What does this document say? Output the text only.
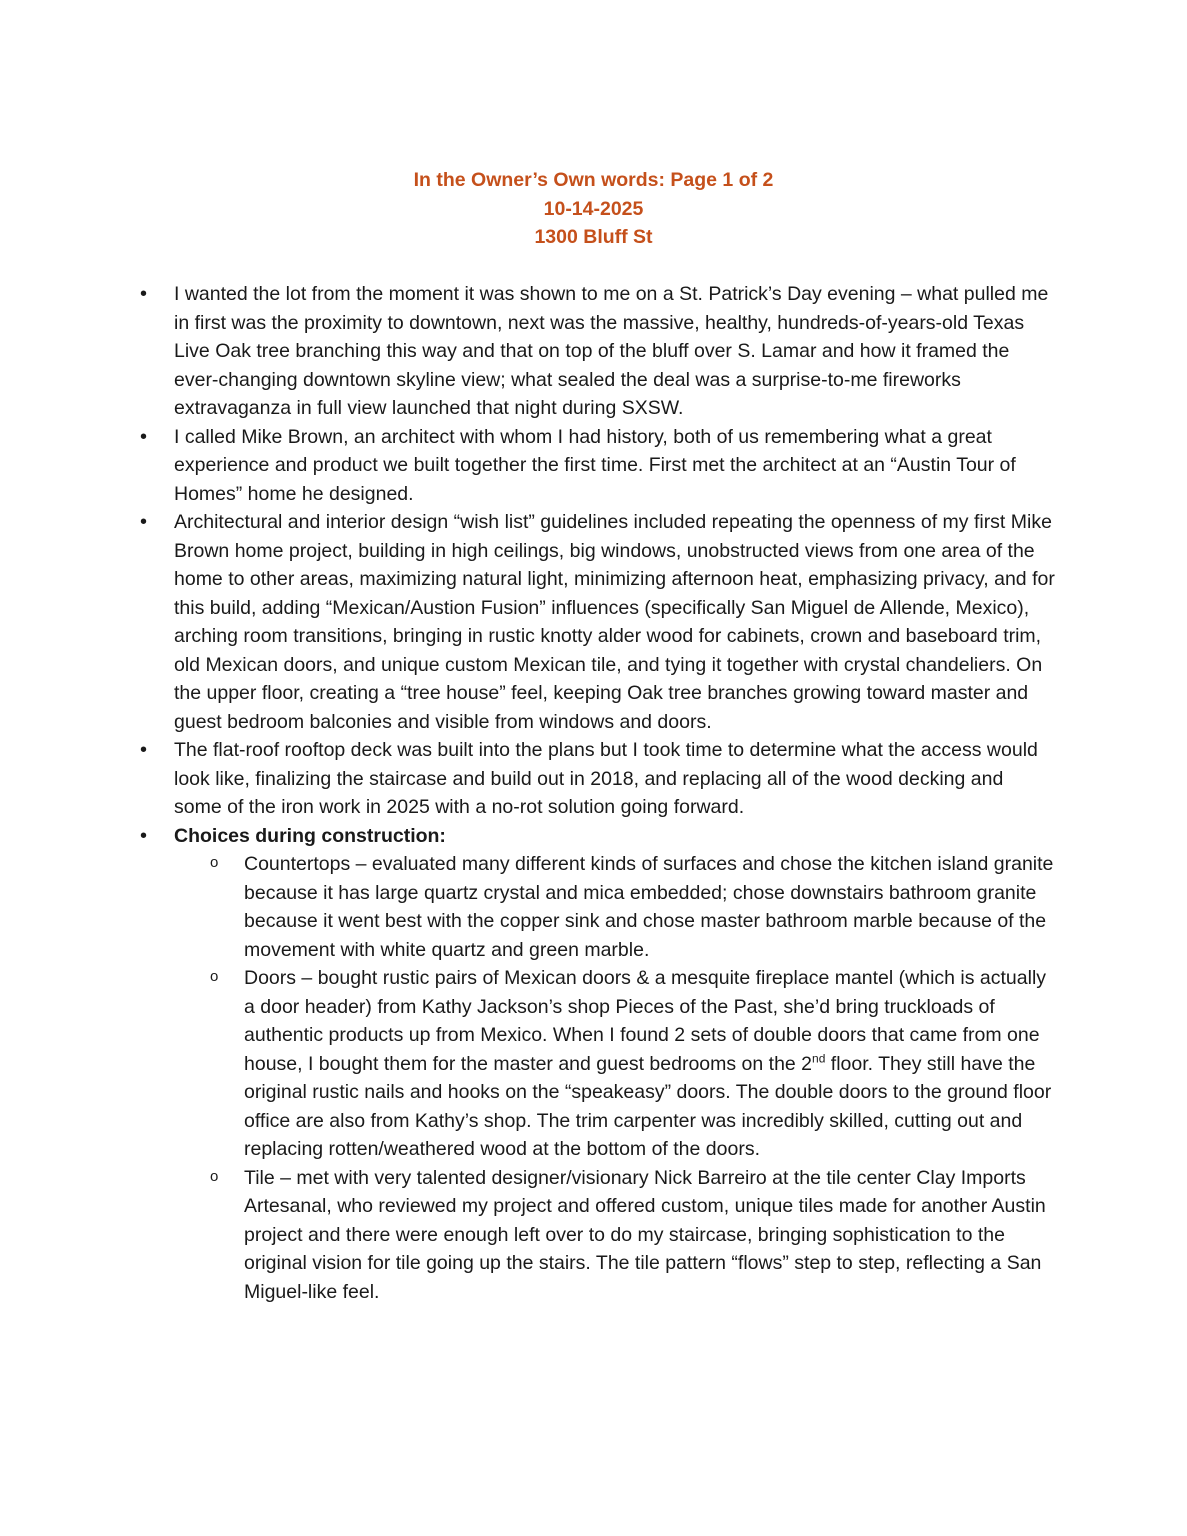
In the Owner’s Own words: Page 1 of 2
10-14-2025
1300 Bluff St
• I wanted the lot from the moment it was shown to me on a St. Patrick’s Day evening – what pulled me in first was the proximity to downtown, next was the massive, healthy, hundreds-of-years-old Texas Live Oak tree branching this way and that on top of the bluff over S. Lamar and how it framed the ever-changing downtown skyline view; what sealed the deal was a surprise-to-me fireworks extravaganza in full view launched that night during SXSW.
• I called Mike Brown, an architect with whom I had history, both of us remembering what a great experience and product we built together the first time. First met the architect at an “Austin Tour of Homes” home he designed.
• Architectural and interior design “wish list” guidelines included repeating the openness of my first Mike Brown home project, building in high ceilings, big windows, unobstructed views from one area of the home to other areas, maximizing natural light, minimizing afternoon heat, emphasizing privacy, and for this build, adding “Mexican/Austion Fusion” influences (specifically San Miguel de Allende, Mexico), arching room transitions, bringing in rustic knotty alder wood for cabinets, crown and baseboard trim, old Mexican doors, and unique custom Mexican tile, and tying it together with crystal chandeliers. On the upper floor, creating a “tree house” feel, keeping Oak tree branches growing toward master and guest bedroom balconies and visible from windows and doors.
• The flat-roof rooftop deck was built into the plans but I took time to determine what the access would look like, finalizing the staircase and build out in 2018, and replacing all of the wood decking and some of the iron work in 2025 with a no-rot solution going forward.
• Choices during construction:
o Countertops – evaluated many different kinds of surfaces and chose the kitchen island granite because it has large quartz crystal and mica embedded; chose downstairs bathroom granite because it went best with the copper sink and chose master bathroom marble because of the movement with white quartz and green marble.
o Doors – bought rustic pairs of Mexican doors & a mesquite fireplace mantel (which is actually a door header) from Kathy Jackson’s shop Pieces of the Past, she’d bring truckloads of authentic products up from Mexico. When I found 2 sets of double doors that came from one house, I bought them for the master and guest bedrooms on the 2nd floor. They still have the original rustic nails and hooks on the “speakeasy” doors. The double doors to the ground floor office are also from Kathy’s shop. The trim carpenter was incredibly skilled, cutting out and replacing rotten/weathered wood at the bottom of the doors.
o Tile – met with very talented designer/visionary Nick Barreiro at the tile center Clay Imports Artesanal, who reviewed my project and offered custom, unique tiles made for another Austin project and there were enough left over to do my staircase, bringing sophistication to the original vision for tile going up the stairs. The tile pattern “flows” step to step, reflecting a San Miguel-like feel.
